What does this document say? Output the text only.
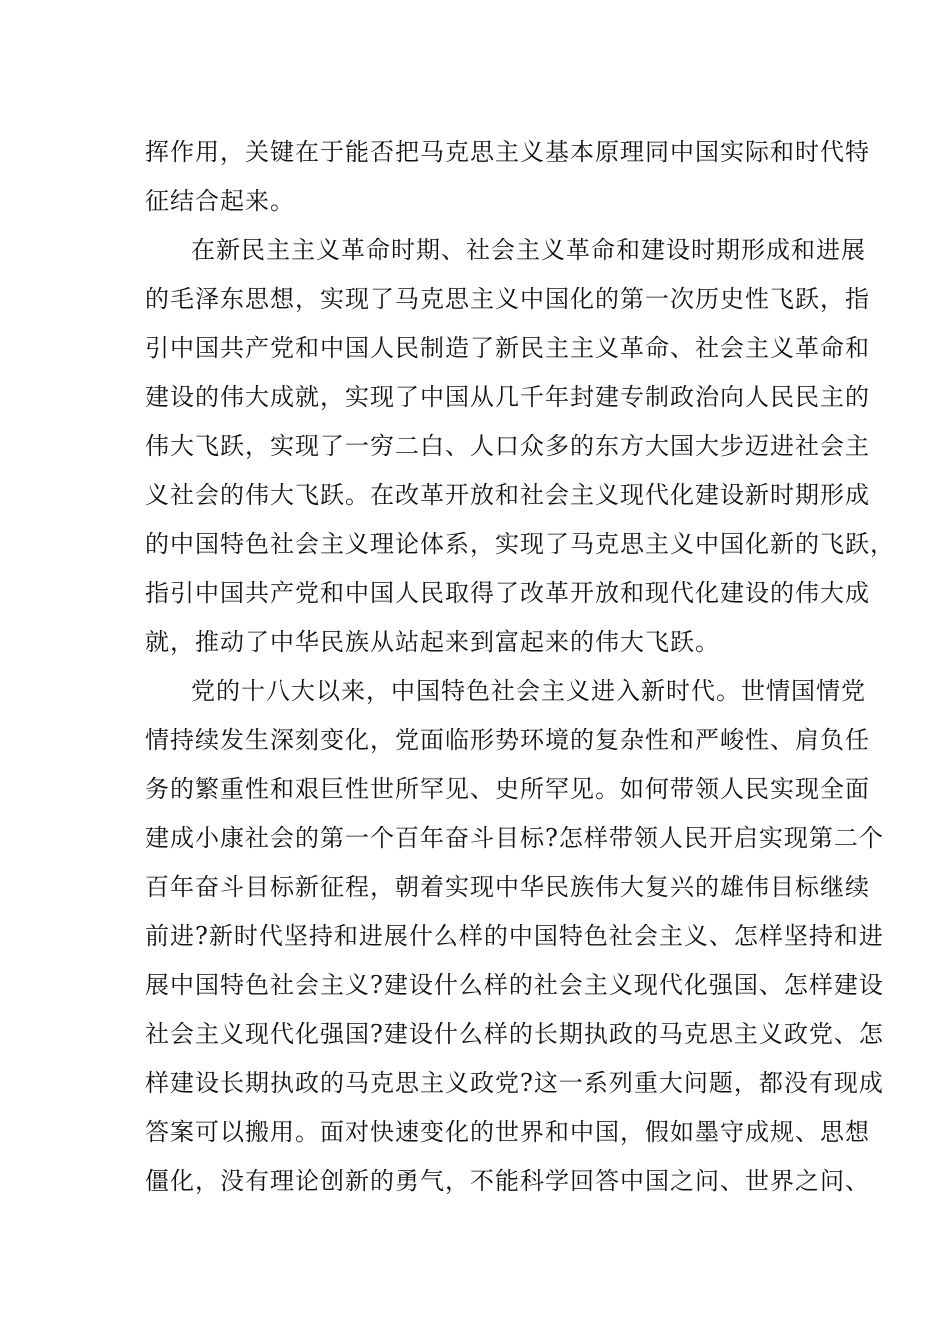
挥作用，关键在于能否把马克思主义基本原理同中国实际和时代特
征结合起来。
在新民主主义革命时期、社会主义革命和建设时期形成和进展
的毛泽东思想，实现了马克思主义中国化的第一次历史性飞跃，指
引中国共产党和中国人民制造了新民主主义革命、社会主义革命和
建设的伟大成就，实现了中国从几千年封建专制政治向人民民主的
伟大飞跃，实现了一穷二白、人口众多的东方大国大步迈进社会主
义社会的伟大飞跃。在改革开放和社会主义现代化建设新时期形成
的中国特色社会主义理论体系，实现了马克思主义中国化新的飞跃，
指引中国共产党和中国人民取得了改革开放和现代化建设的伟大成
就，推动了中华民族从站起来到富起来的伟大飞跃。
党的十八大以来，中国特色社会主义进入新时代。世情国情党
情持续发生深刻变化，党面临形势环境的复杂性和严峻性、肩负任
务的繁重性和艰巨性世所罕见、史所罕见。如何带领人民实现全面
建成小康社会的第一个百年奋斗目标?怎样带领人民开启实现第二个
百年奋斗目标新征程，朝着实现中华民族伟大复兴的雄伟目标继续
前进?新时代坚持和进展什么样的中国特色社会主义、怎样坚持和进
展中国特色社会主义?建设什么样的社会主义现代化强国、怎样建设
社会主义现代化强国?建设什么样的长期执政的马克思主义政党、怎
样建设长期执政的马克思主义政党?这一系列重大问题，都没有现成
答案可以搬用。面对快速变化的世界和中国，假如墨守成规、思想
僵化，没有理论创新的勇气，不能科学回答中国之问、世界之问、
